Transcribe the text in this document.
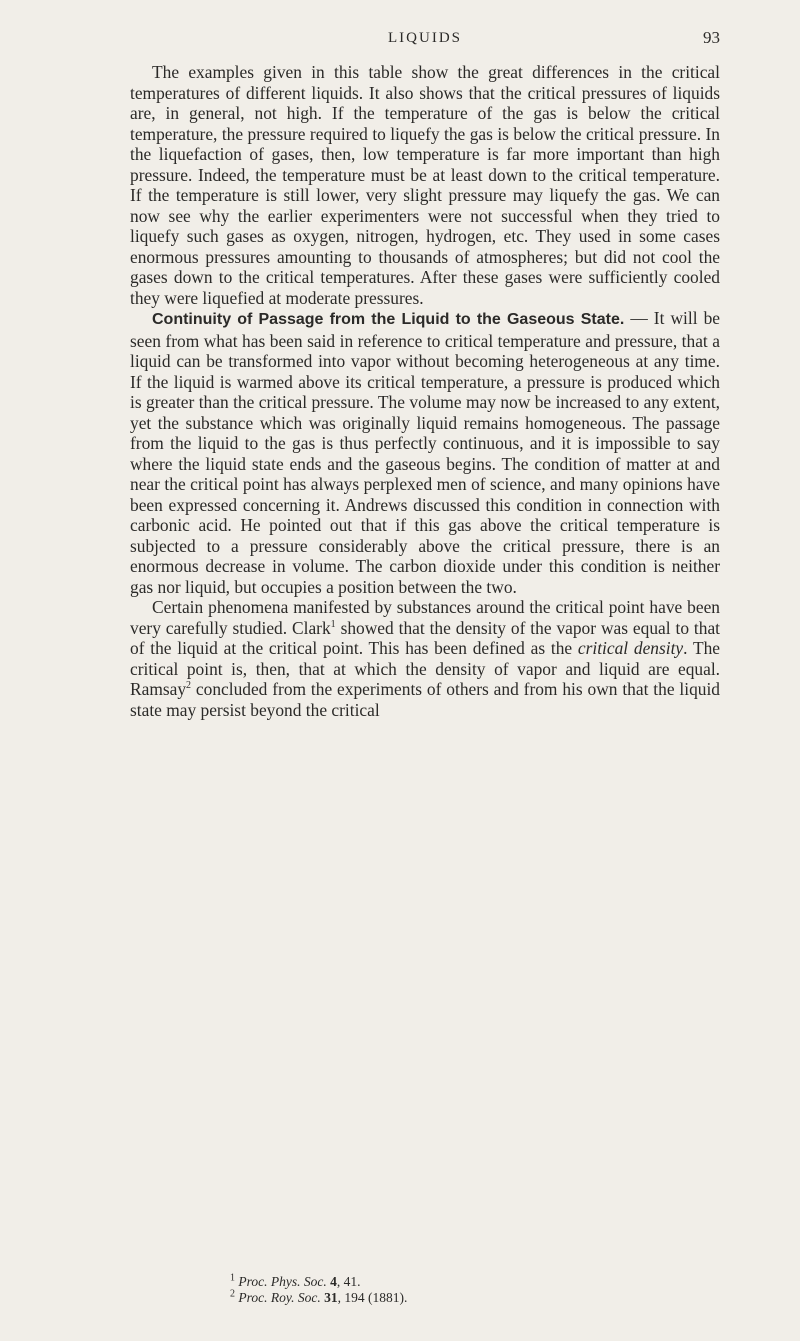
LIQUIDS	93

The examples given in this table show the great differences in the critical temperatures of different liquids. It also shows that the critical pressures of liquids are, in general, not high. If the temperature of the gas is below the critical temperature, the pressure required to liquefy the gas is below the critical pressure. In the liquefaction of gases, then, low temperature is far more important than high pressure. Indeed, the temperature must be at least down to the critical temperature. If the temperature is still lower, very slight pressure may liquefy the gas. We can now see why the earlier experimenters were not successful when they tried to liquefy such gases as oxygen, nitrogen, hydrogen, etc. They used in some cases enormous pressures amounting to thousands of atmospheres; but did not cool the gases down to the critical temperatures. After these gases were sufficiently cooled they were liquefied at moderate pressures.

Continuity of Passage from the Liquid to the Gaseous State. — It will be seen from what has been said in reference to critical temperature and pressure, that a liquid can be transformed into vapor without becoming heterogeneous at any time. If the liquid is warmed above its critical temperature, a pressure is produced which is greater than the critical pressure. The volume may now be increased to any extent, yet the substance which was originally liquid remains homogeneous. The passage from the liquid to the gas is thus perfectly continuous, and it is impossible to say where the liquid state ends and the gaseous begins. The condition of matter at and near the critical point has always perplexed men of science, and many opinions have been expressed concerning it. Andrews discussed this condition in connection with carbonic acid. He pointed out that if this gas above the critical temperature is subjected to a pressure considerably above the critical pressure, there is an enormous decrease in volume. The carbon dioxide under this condition is neither gas nor liquid, but occupies a position between the two.

Certain phenomena manifested by substances around the critical point have been very carefully studied. Clark$^1$ showed that the density of the vapor was equal to that of the liquid at the critical point. This has been defined as the critical density. The critical point is, then, that at which the density of vapor and liquid are equal. Ramsay$^2$ concluded from the experiments of others and from his own that the liquid state may persist beyond the critical

$^1$ Proc. Phys. Soc. 4, 41.
$^2$ Proc. Roy. Soc. 31, 194 (1881).
